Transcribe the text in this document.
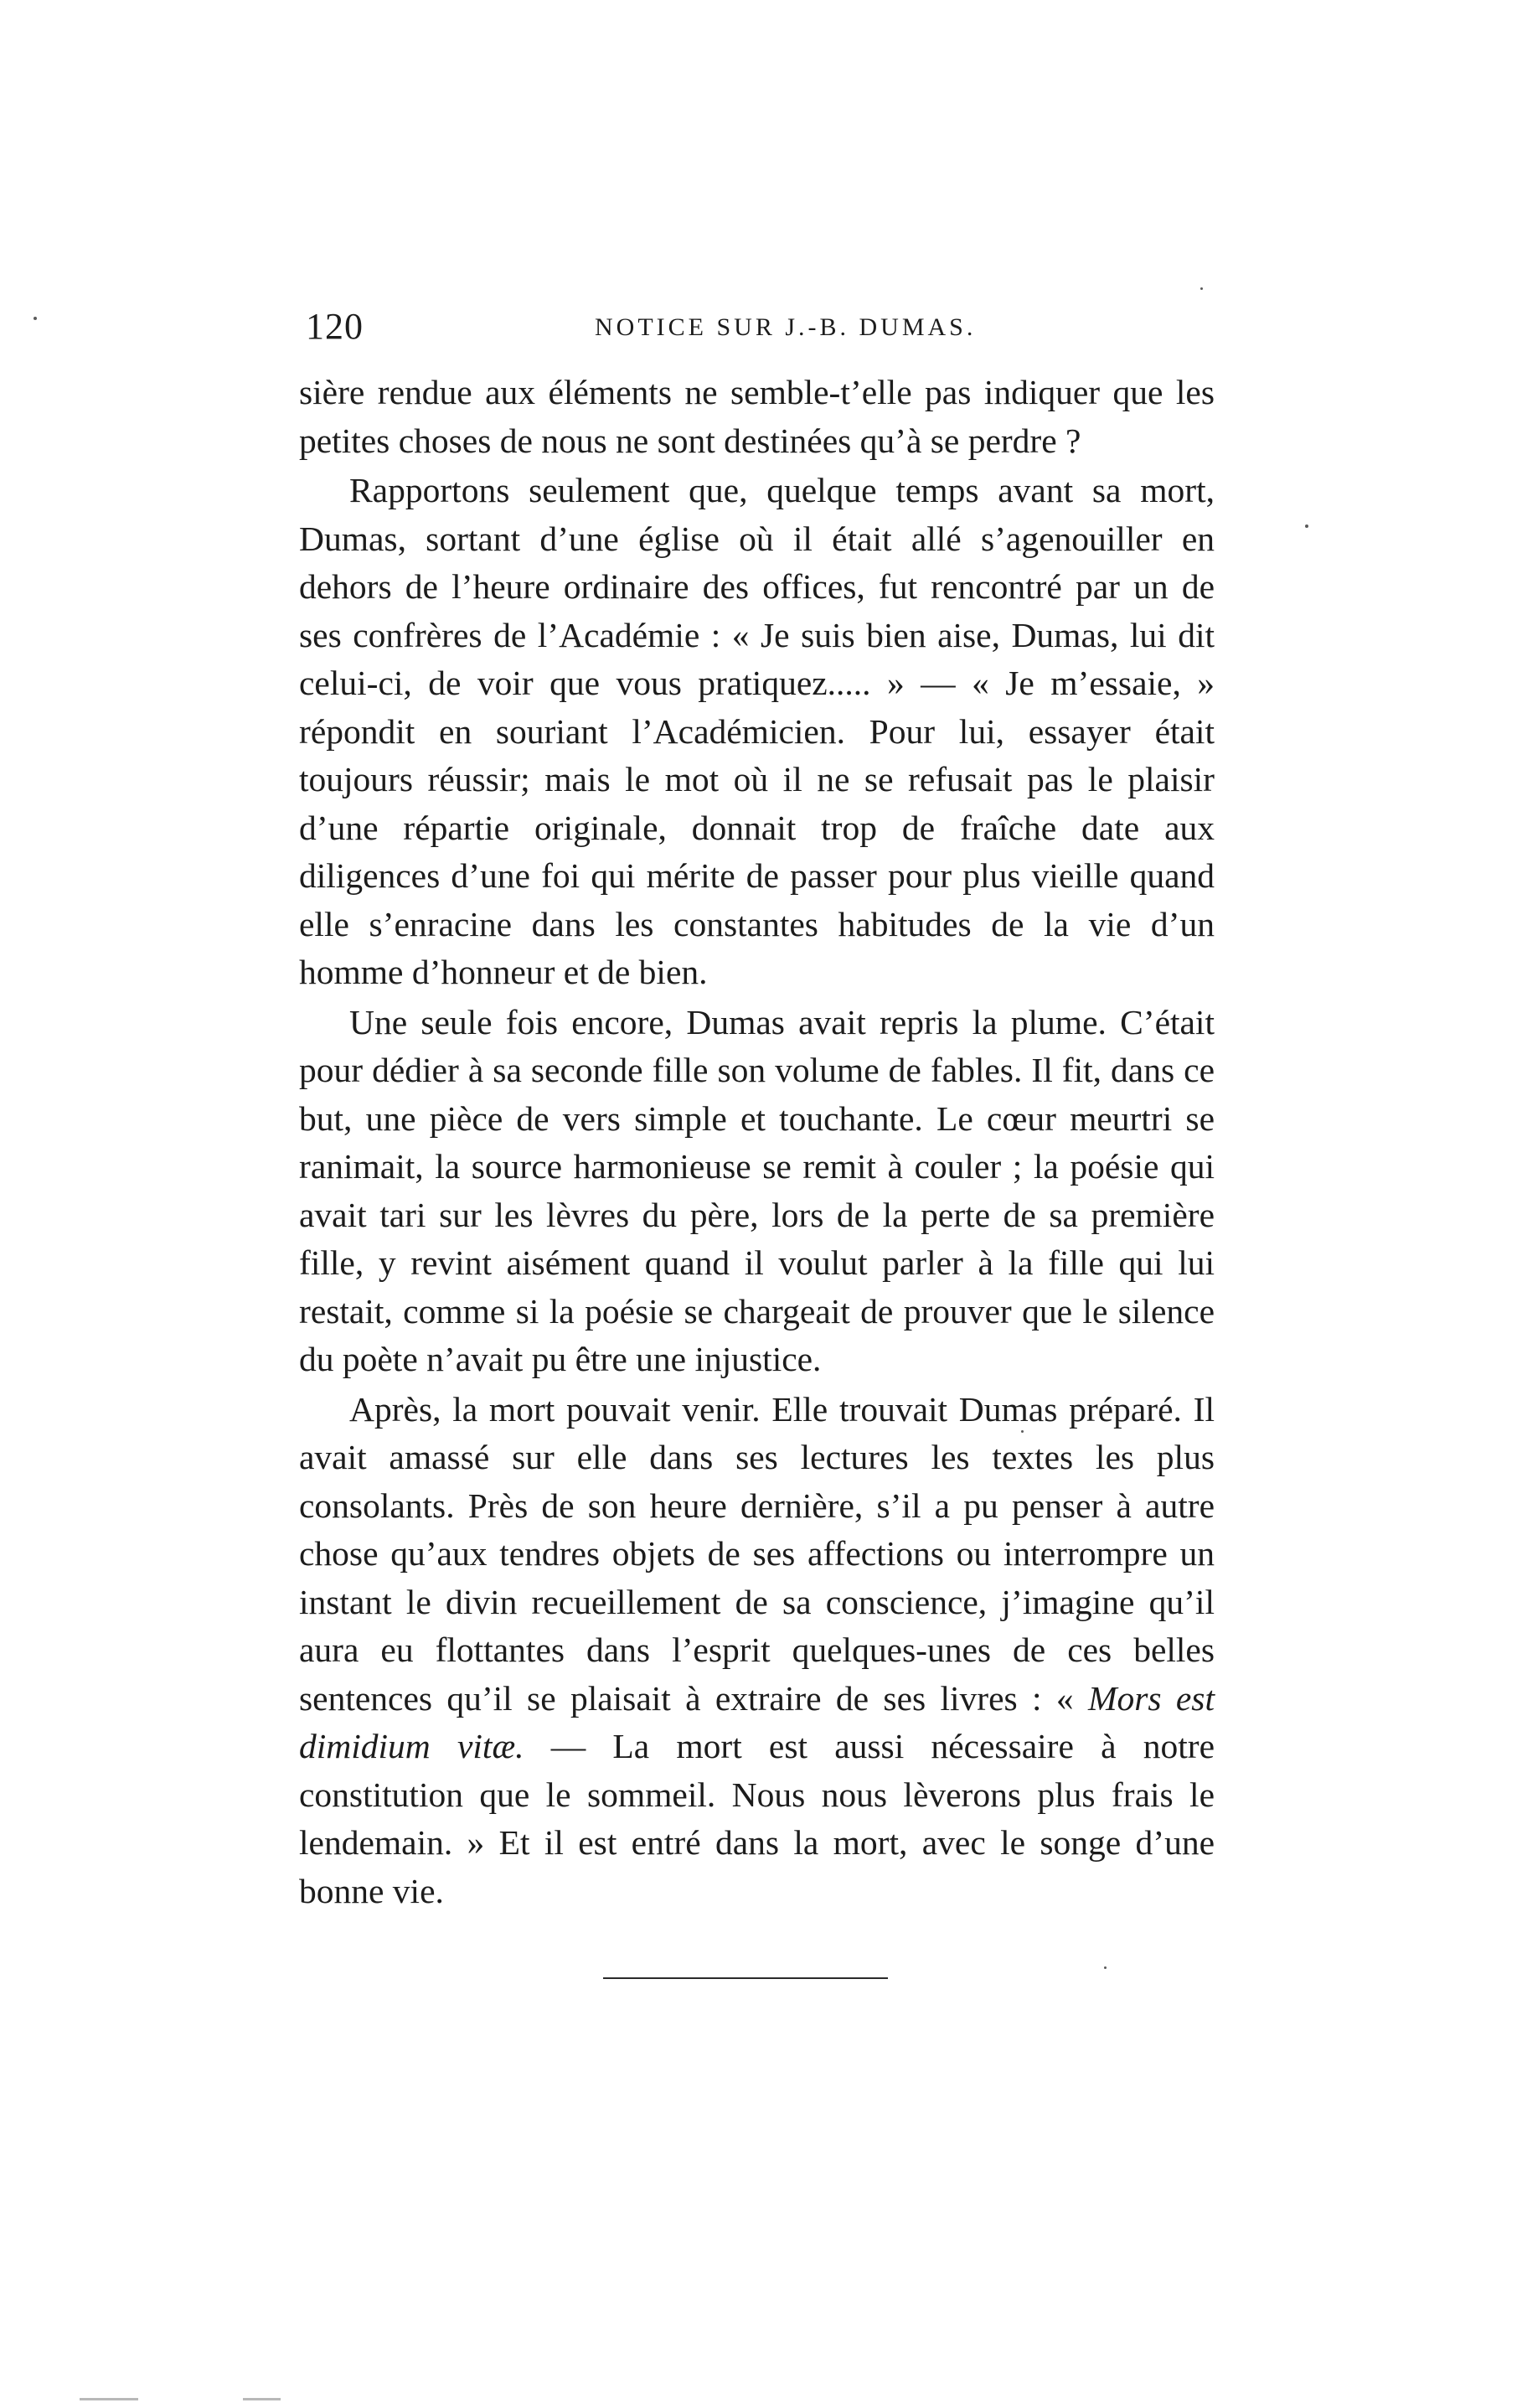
120	NOTICE SUR J.-B. DUMAS.

sière rendue aux éléments ne semble-t’elle pas indiquer que les petites choses de nous ne sont destinées qu’à se perdre ?

Rapportons seulement que, quelque temps avant sa mort, Dumas, sortant d’une église où il était allé s’agenouiller en dehors de l’heure ordinaire des offices, fut rencontré par un de ses confrères de l’Académie : « Je suis bien aise, Dumas, lui dit celui-ci, de voir que vous pratiquez..... » — « Je m’essaie, » répondit en souriant l’Académicien. Pour lui, essayer était toujours réussir; mais le mot où il ne se refusait pas le plaisir d’une répartie originale, donnait trop de fraîche date aux diligences d’une foi qui mérite de passer pour plus vieille quand elle s’enracine dans les constantes habitudes de la vie d’un homme d’honneur et de bien.

Une seule fois encore, Dumas avait repris la plume. C’était pour dédier à sa seconde fille son volume de fables. Il fit, dans ce but, une pièce de vers simple et touchante. Le cœur meurtri se ranimait, la source harmonieuse se remit à couler ; la poésie qui avait tari sur les lèvres du père, lors de la perte de sa première fille, y revint aisément quand il voulut parler à la fille qui lui restait, comme si la poésie se chargeait de prouver que le silence du poète n’avait pu être une injustice.

Après, la mort pouvait venir. Elle trouvait Dumas préparé. Il avait amassé sur elle dans ses lectures les textes les plus consolants. Près de son heure dernière, s’il a pu penser à autre chose qu’aux tendres objets de ses affections ou interrompre un instant le divin recueillement de sa conscience, j’imagine qu’il aura eu flottantes dans l’esprit quelques-unes de ces belles sentences qu’il se plaisait à extraire de ses livres : « Mors est dimidium vitæ. — La mort est aussi nécessaire à notre constitution que le sommeil. Nous nous lèverons plus frais le lendemain. » Et il est entré dans la mort, avec le songe d’une bonne vie.
